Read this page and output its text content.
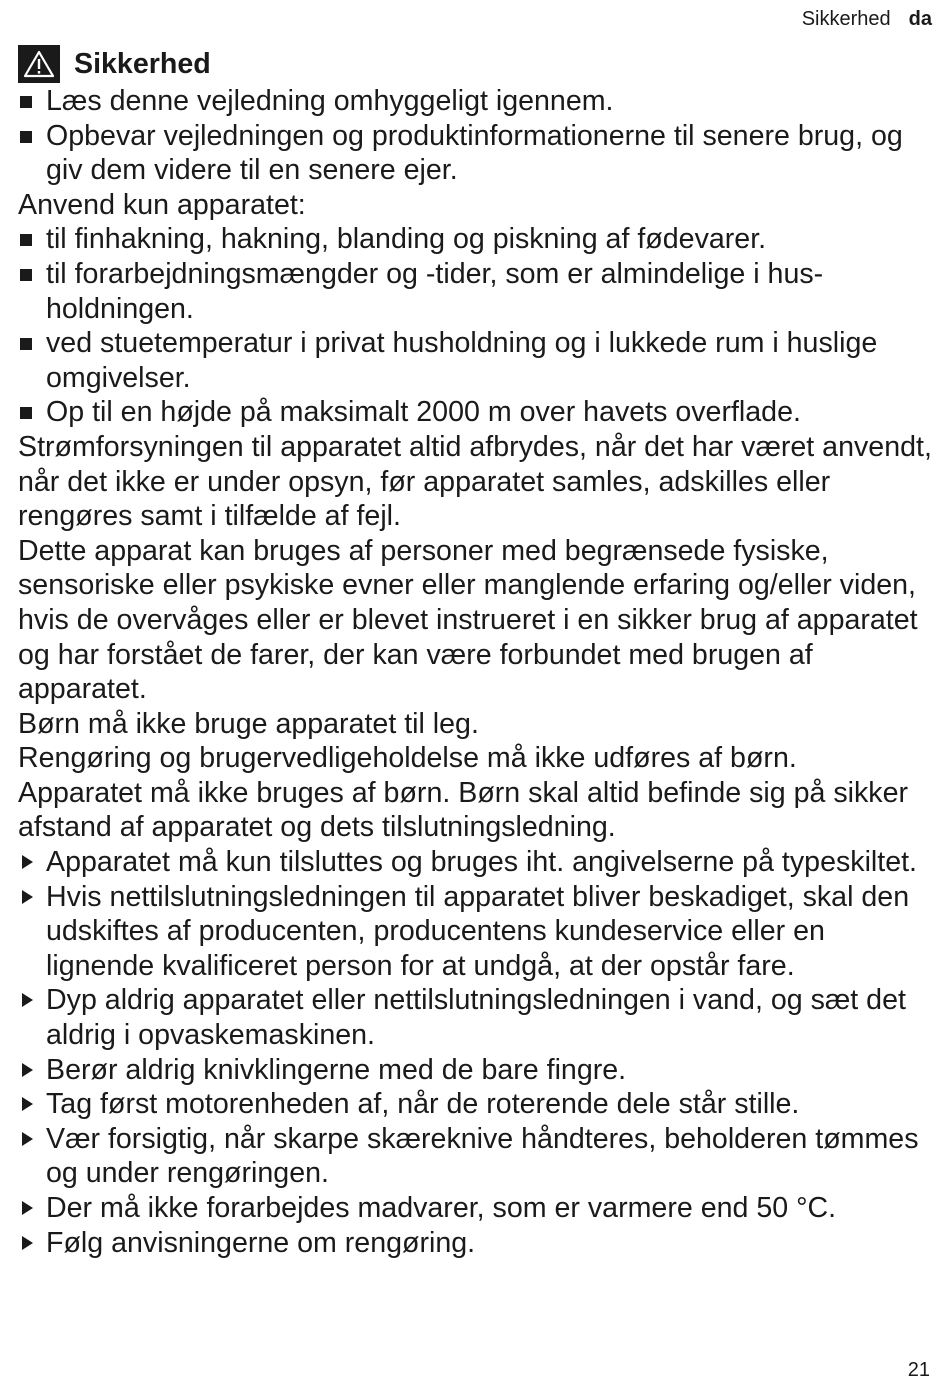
Sikkerhed da
Sikkerhed
Læs denne vejledning omhyggeligt igennem.
Opbevar vejledningen og produktinformationerne til senere brug, og giv dem videre til en senere ejer.
Anvend kun apparatet:
til finhakning, hakning, blanding og piskning af fødevarer.
til forarbejdningsmængder og -tider, som er almindelige i husholdningen.
ved stuetemperatur i privat husholdning og i lukkede rum i huslige omgivelser.
Op til en højde på maksimalt 2000 m over havets overflade.
Strømforsyningen til apparatet altid afbrydes, når det har været anvendt, når det ikke er under opsyn, før apparatet samles, adskilles eller rengøres samt i tilfælde af fejl.
Dette apparat kan bruges af personer med begrænsede fysiske, sensoriske eller psykiske evner eller manglende erfaring og/eller viden, hvis de overvåges eller er blevet instrueret i en sikker brug af apparatet og har forstået de farer, der kan være forbundet med brugen af apparatet.
Børn må ikke bruge apparatet til leg.
Rengøring og brugervedligeholdelse må ikke udføres af børn.
Apparatet må ikke bruges af børn. Børn skal altid befinde sig på sikker afstand af apparatet og dets tilslutningsledning.
Apparatet må kun tilsluttes og bruges iht. angivelserne på typeskiltet.
Hvis nettilslutningsledningen til apparatet bliver beskadiget, skal den udskiftes af producenten, producentens kundeservice eller en lignende kvalificeret person for at undgå, at der opstår fare.
Dyp aldrig apparatet eller nettilslutningsledningen i vand, og sæt det aldrig i opvaskemaskinen.
Berør aldrig knivklingerne med de bare fingre.
Tag først motorenheden af, når de roterende dele står stille.
Vær forsigtig, når skarpe skæreknive håndteres, beholderen tømmes og under rengøringen.
Der må ikke forarbejdes madvarer, som er varmere end 50 °C.
Følg anvisningerne om rengøring.
21
